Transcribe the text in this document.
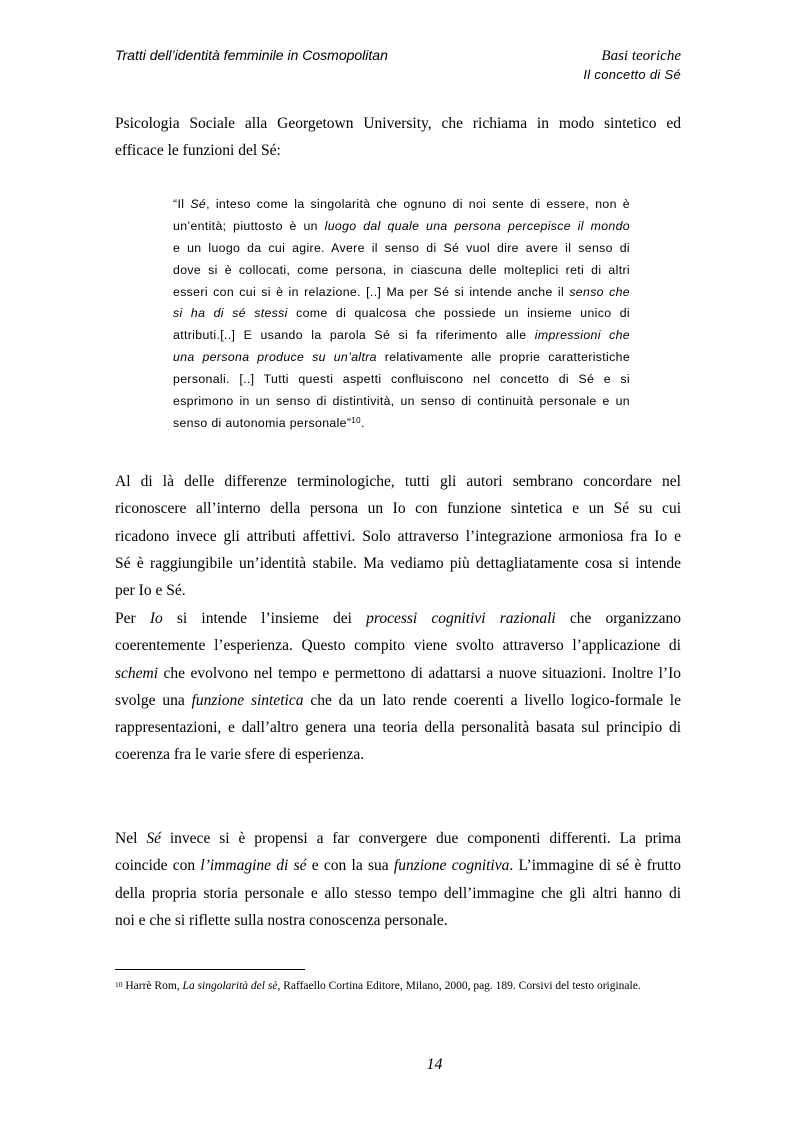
Tratti dell’identità femminile in Cosmopolitan	Basi teoriche
Il concetto di Sé
Psicologia Sociale alla Georgetown University, che richiama in modo sintetico ed
efficace le funzioni del Sé:
“Il Sé, inteso come la singolarità che ognuno di noi sente di essere, non è
un’entità; piuttosto è un luogo dal quale una persona percepisce il mondo
e un luogo da cui agire. Avere il senso di Sé vuol dire avere il senso di
dove si è collocati, come persona, in ciascuna delle molteplici reti di altri
esseri con cui si è in relazione. [..] Ma per Sé si intende anche il senso che
si ha di sé stessi come di qualcosa che possiede un insieme unico di
attributi.[..] E usando la parola Sé si fa riferimento alle impressioni che
una persona produce su un’altra relativamente alle proprie caratteristiche
personali. [..] Tutti questi aspetti confluiscono nel concetto di Sé e si
esprimono in un senso di distintività, un senso di continuità personale e un
senso di autonomia personale”$^{10}$.
Al di là delle differenze terminologiche, tutti gli autori sembrano concordare nel
riconoscere all’interno della persona un Io con funzione sintetica e un Sé su cui
ricadono invece gli attributi affettivi. Solo attraverso l’integrazione armoniosa fra Io e
Sé è raggiungibile un’identità stabile. Ma vediamo più dettagliatamente cosa si intende
per Io e Sé.
Per Io si intende l’insieme dei processi cognitivi razionali che organizzano
coerentemente l’esperienza. Questo compito viene svolto attraverso l’applicazione di
schemi che evolvono nel tempo e permettono di adattarsi a nuove situazioni. Inoltre l’Io
svolge una funzione sintetica che da un lato rende coerenti a livello logico-formale le
rappresentazioni, e dall’altro genera una teoria della personalità basata sul principio di
coerenza fra le varie sfere di esperienza.
Nel Sé invece si è propensi a far convergere due componenti differenti. La prima
coincide con l’immagine di sé e con la sua funzione cognitiva. L’immagine di sé è frutto
della propria storia personale e allo stesso tempo dell’immagine che gli altri hanno di
noi e che si riflette sulla nostra conoscenza personale.
$^{10}$ Harrè Rom, La singolarità del sè, Raffaello Cortina Editore, Milano, 2000, pag. 189. Corsivi del testo originale.
14
